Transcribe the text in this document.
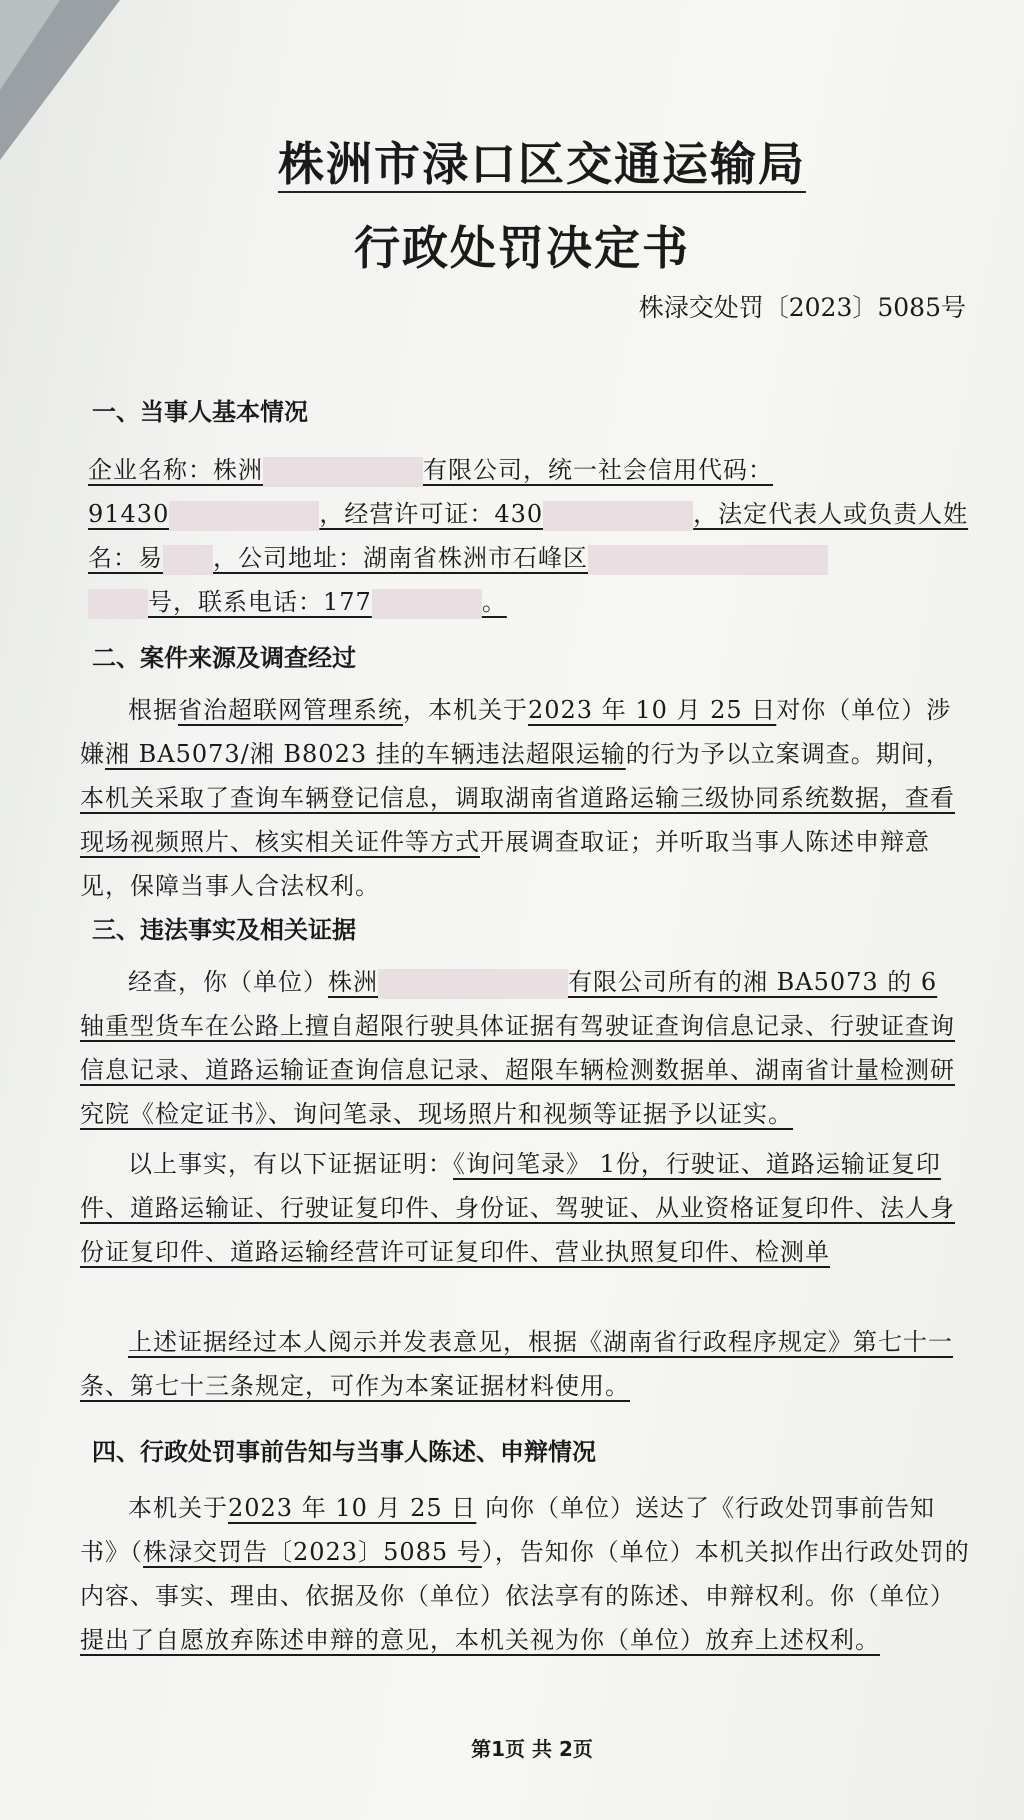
株洲市渌口区交通运输局
行政处罚决定书
株渌交处罚〔2023〕5085号
一、当事人基本情况
企业名称：株洲	有限公司，统一社会信用代码：
91430	，经营许可证：430	，法定代表人或负责人姓
名：易 ，公司地址：湖南省株洲市石峰区
号，联系电话：177	。
二、案件来源及调查经过
根据省治超联网管理系统，本机关于2023 年 10 月 25 日对你（单位）涉嫌湘 BA5073/湘 B8023 挂的车辆违法超限运输的行为予以立案调查。期间，本机关采取了查询车辆登记信息，调取湖南省道路运输三级协同系统数据，查看现场视频照片、核实相关证件等方式开展调查取证；并听取当事人陈述申辩意见，保障当事人合法权利。
三、违法事实及相关证据
经查，你（单位）株洲	有限公司所有的湘 BA5073 的 6 轴重型货车在公路上擅自超限行驶具体证据有驾驶证查询信息记录、行驶证查询信息记录、道路运输证查询信息记录、超限车辆检测数据单、湖南省计量检测研究院《检定证书》、询问笔录、现场照片和视频等证据予以证实。
以上事实，有以下证据证明：《询问笔录》 1份，行驶证、道路运输证复印件、道路运输证、行驶证复印件、身份证、驾驶证、从业资格证复印件、法人身份证复印件、道路运输经营许可证复印件、营业执照复印件、检测单
上述证据经过本人阅示并发表意见，根据《湖南省行政程序规定》第七十一条、第七十三条规定，可作为本案证据材料使用。
四、行政处罚事前告知与当事人陈述、申辩情况
本机关于2023 年 10 月 25 日 向你（单位）送达了《行政处罚事前告知书》（株渌交罚告〔2023〕5085 号），告知你（单位）本机关拟作出行政处罚的内容、事实、理由、依据及你（单位）依法享有的陈述、申辩权利。你（单位）提出了自愿放弃陈述申辩的意见，本机关视为你（单位）放弃上述权利。
第1页 共 2页
